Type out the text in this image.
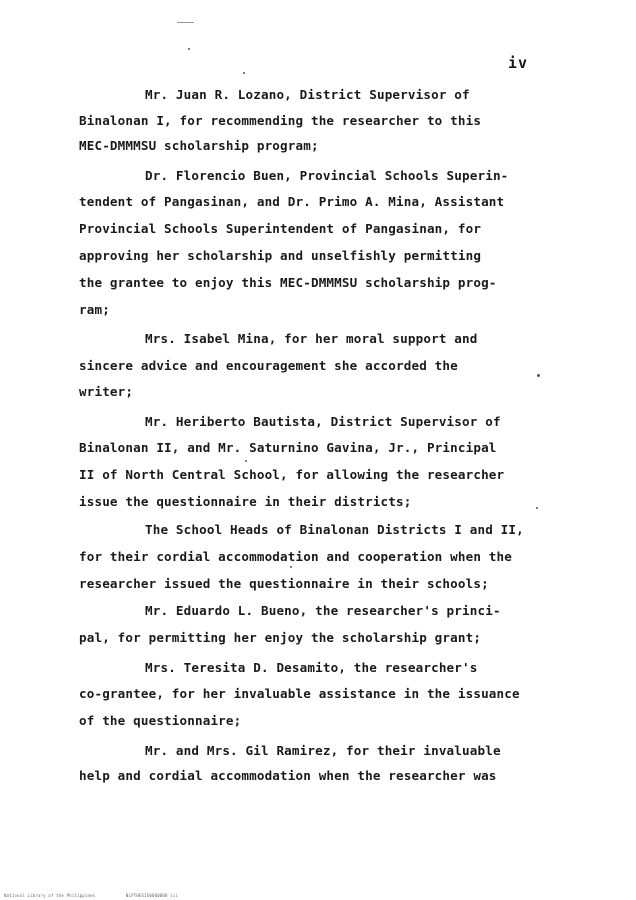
iv
Mr. Juan R. Lozano, District Supervisor of
Binalonan I, for recommending the researcher to this
MEC-DMMMSU scholarship program;
Dr. Florencio Buen, Provincial Schools Superin-
tendent of Pangasinan, and Dr. Primo A. Mina, Assistant
Provincial Schools Superintendent of Pangasinan, for
approving her scholarship and unselfishly permitting
the grantee to enjoy this MEC-DMMMSU scholarship prog-
ram;
Mrs. Isabel Mina, for her moral support and
sincere advice and encouragement she accorded the
writer;
Mr. Heriberto Bautista, District Supervisor of
Binalonan II, and Mr. Saturnino Gavina, Jr., Principal
II of North Central School, for allowing the researcher
issue the questionnaire in their districts;
The School Heads of Binalonan Districts I and II,
for their cordial accommodation and cooperation when the
researcher issued the questionnaire in their schools;
Mr. Eduardo L. Bueno, the researcher's princi-
pal, for permitting her enjoy the scholarship grant;
Mrs. Teresita D. Desamito, the researcher's
co-grantee, for her invaluable assistance in the issuance
of the questionnaire;
Mr. and Mrs. Gil Ramirez, for their invaluable
help and cordial accommodation when the researcher was
National Library of the Philippines	NLPTHESIS0000000 iii
